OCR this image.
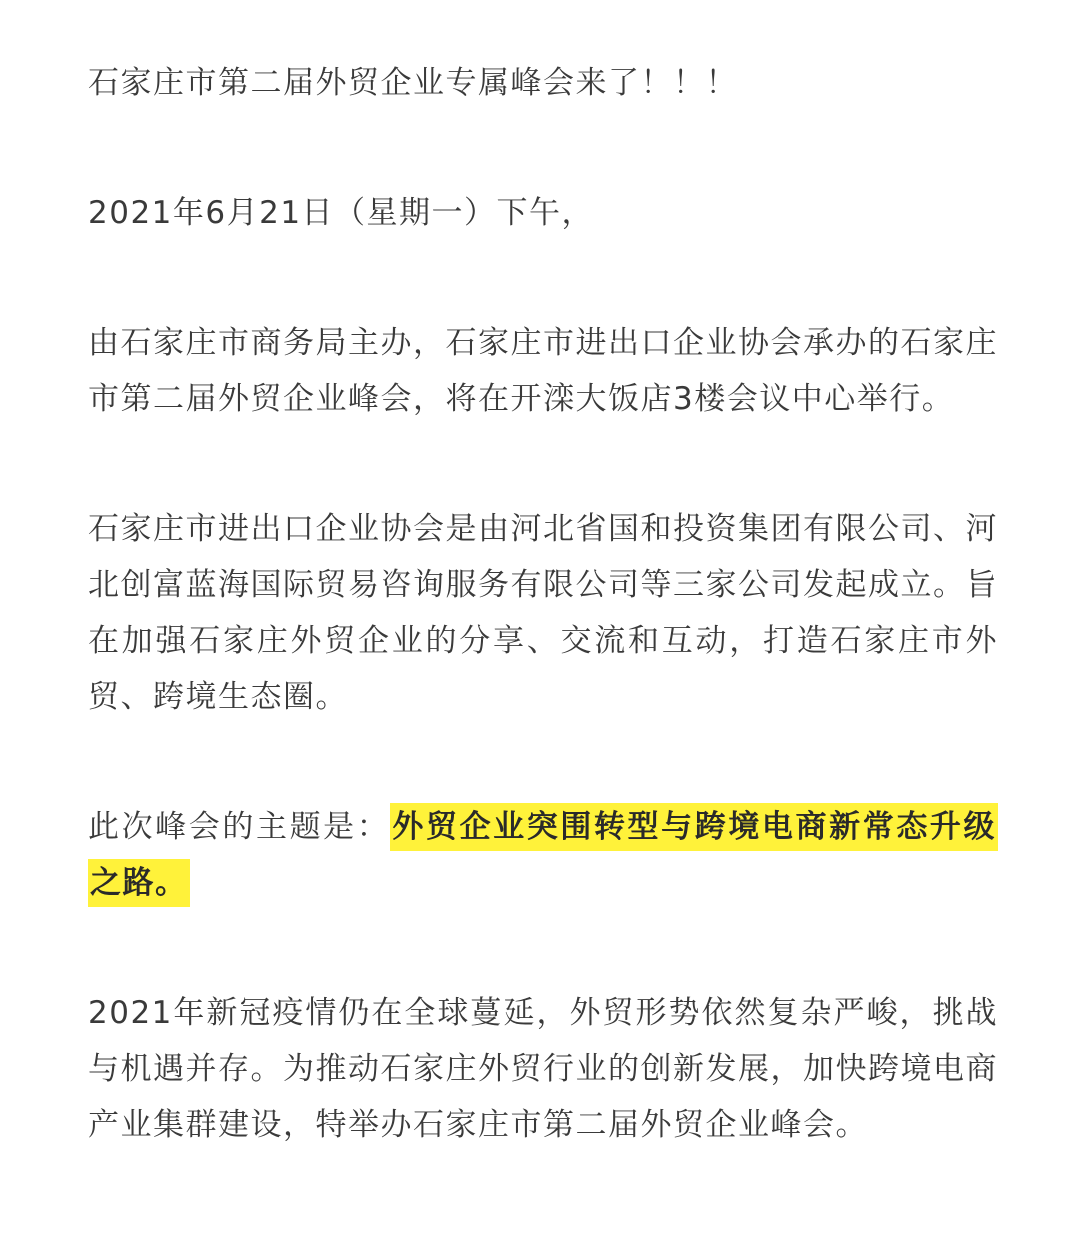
石家庄市第二届外贸企业专属峰会来了！！！

2021年6月21日（星期一）下午，

由石家庄市商务局主办，石家庄市进出口企业协会承办的石家庄市第二届外贸企业峰会，将在开滦大饭店3楼会议中心举行。

石家庄市进出口企业协会是由河北省国和投资集团有限公司、河北创富蓝海国际贸易咨询服务有限公司等三家公司发起成立。旨在加强石家庄外贸企业的分享、交流和互动，打造石家庄市外贸、跨境生态圈。

此次峰会的主题是：外贸企业突围转型与跨境电商新常态升级之路。

2021年新冠疫情仍在全球蔓延，外贸形势依然复杂严峻，挑战与机遇并存。为推动石家庄外贸行业的创新发展，加快跨境电商产业集群建设，特举办石家庄市第二届外贸企业峰会。
